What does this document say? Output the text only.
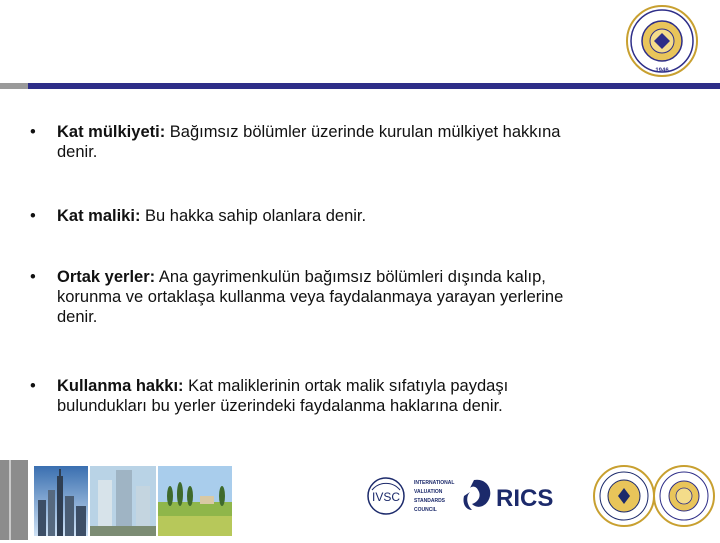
1946
• Kat mülkiyeti: Bağımsız bölümler üzerinde kurulan mülkiyet hakkına
denir.
• Kat maliki: Bu hakka sahip olanlara denir.
• Ortak yerler: Ana gayrimenkulün bağımsız bölümleri dışında kalıp,
korunma ve ortaklaşa kullanma veya faydalanmaya yarayan yerlerine
denir.
• Kullanma hakkı: Kat maliklerinin ortak malik sıfatıyla paydaşı
bulundukları bu yerler üzerindeki faydalanma haklarına denir.
IVSC
INTERNATIONAL
VALUATION
STANDARDS
COUNCIL RICS
